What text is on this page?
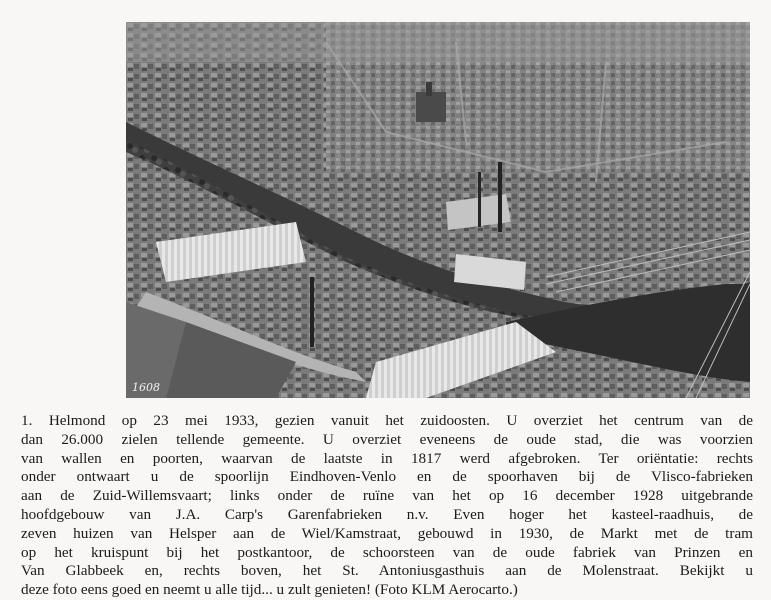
1608
1. Helmond op 23 mei 1933, gezien vanuit het zuidoosten. U overziet het centrum van de
dan 26.000 zielen tellende gemeente. U overziet eveneens de oude stad, die was voorzien
van wallen en poorten, waarvan de laatste in 1817 werd afgebroken. Ter oriëntatie: rechts
onder ontwaart u de spoorlijn Eindhoven-Venlo en de spoorhaven bij de Vlisco-fabrieken
aan de Zuid-Willemsvaart; links onder de ruïne van het op 16 december 1928 uitgebrande
hoofdgebouw van J.A. Carp's Garenfabrieken n.v. Even hoger het kasteel-raadhuis, de
zeven huizen van Helsper aan de Wiel/Kamstraat, gebouwd in 1930, de Markt met de tram
op het kruispunt bij het postkantoor, de schoorsteen van de oude fabriek van Prinzen en
Van Glabbeek en, rechts boven, het St. Antoniusgasthuis aan de Molenstraat. Bekijkt u
deze foto eens goed en neemt u alle tijd... u zult genieten! (Foto KLM Aerocarto.)
